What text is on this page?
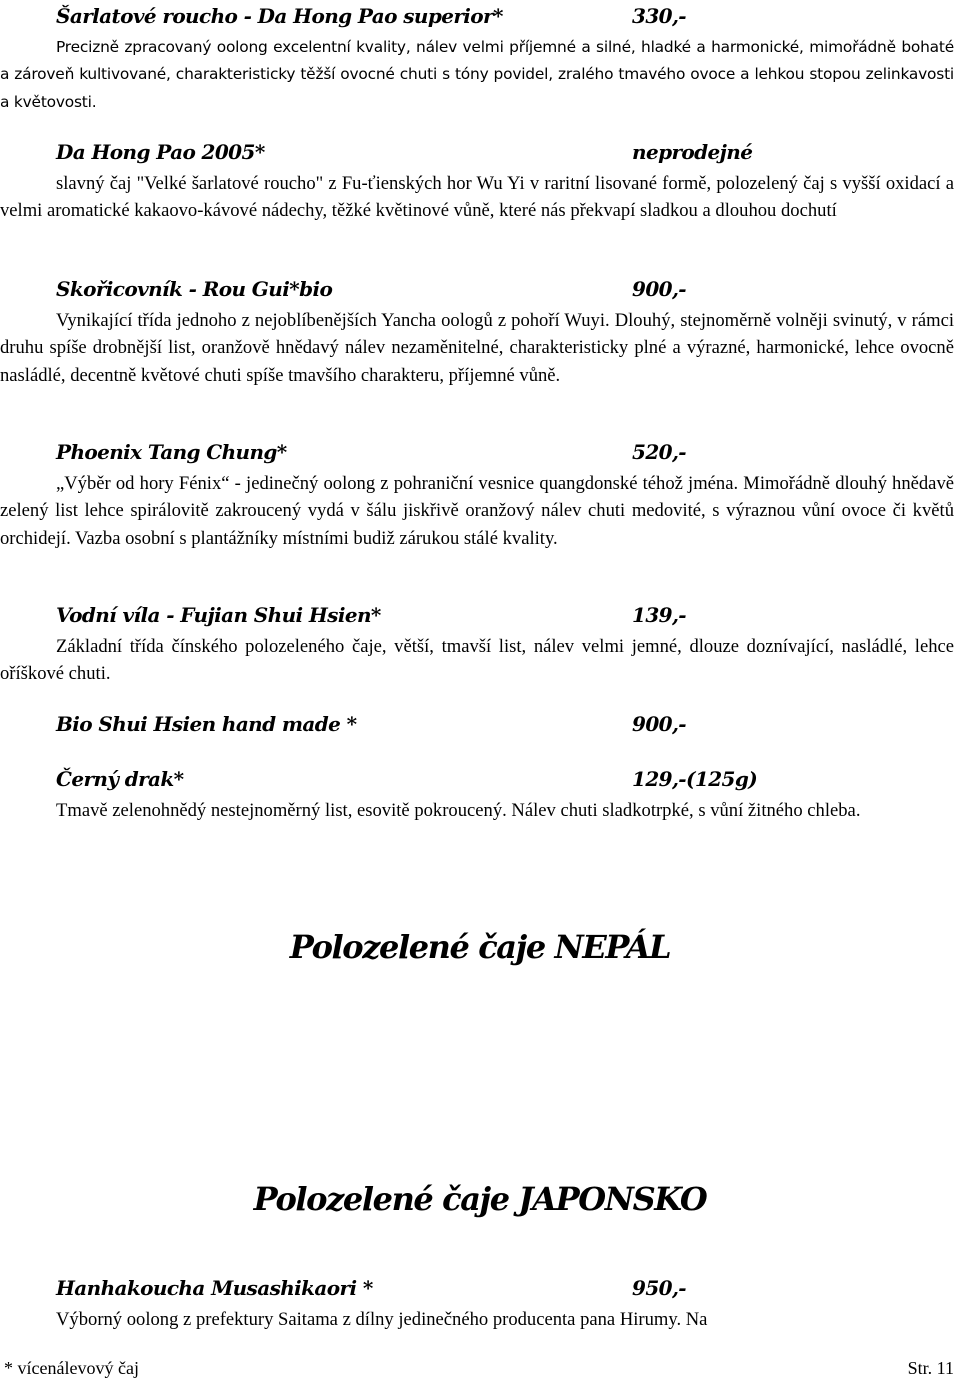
Šarlatové roucho - Da Hong Pao superior*	330,-

Precizně zpracovaný oolong excelentní kvality, nálev velmi příjemné a silné, hladké a harmonické, mimořádně bohaté a zároveň kultivované, charakteristicky těžší ovocné chuti s tóny povidel, zralého tmavého ovoce a lehkou stopou zelinkavosti a květovosti.

Da Hong Pao 2005*	neprodejné

slavný čaj "Velké šarlatové roucho" z Fu-ťienských hor Wu Yi v raritní lisované formě, polozelený čaj s vyšší oxidací a velmi aromatické kakaovo-kávové nádechy, těžké květinové vůně, které nás překvapí sladkou a dlouhou dochutí

Skořicovník - Rou Gui*bio	900,-

Vynikající třída jednoho z nejoblíbenějších Yancha oologů z pohoří Wuyi. Dlouhý, stejnoměrně volněji svinutý, v rámci druhu spíše drobnější list, oranžově hnědavý nálev nezaměnitelné, charakteristicky plné a výrazné, harmonické, lehce ovocně nasládlé, decentně květové chuti spíše tmavšího charakteru, příjemné vůně.

Phoenix Tang Chung*	520,-

„Výběr od hory Fénix“ - jedinečný oolong z pohraniční vesnice quangdonské téhož jména. Mimořádně dlouhý hnědavě zelený list lehce spirálovitě zakroucený vydá v šálu jiskřivě oranžový nálev chuti medovité, s výraznou vůní ovoce či květů orchidejí. Vazba osobní s plantážníky místními budiž zárukou stálé kvality.

Vodní víla - Fujian Shui Hsien*	139,-

Základní třída čínského polozeleného čaje, větší, tmavší list, nálev velmi jemné, dlouze doznívající, nasládlé, lehce oříškové chuti.

Bio Shui Hsien hand made *	900,-
Černý drak*	129,-(125g)

Tmavě zelenohnědý nestejnoměrný list, esovitě pokroucený. Nálev chuti sladkotrpké, s vůní žitného chleba.

Polozelené čaje NEPÁL
Polozelené čaje JAPONSKO
Hanhakoucha Musashikaori *	950,-

Výborný oolong z prefektury Saitama z dílny jedinečného producenta pana Hirumy. Na

* vícenálevový čaj	Str. 11
